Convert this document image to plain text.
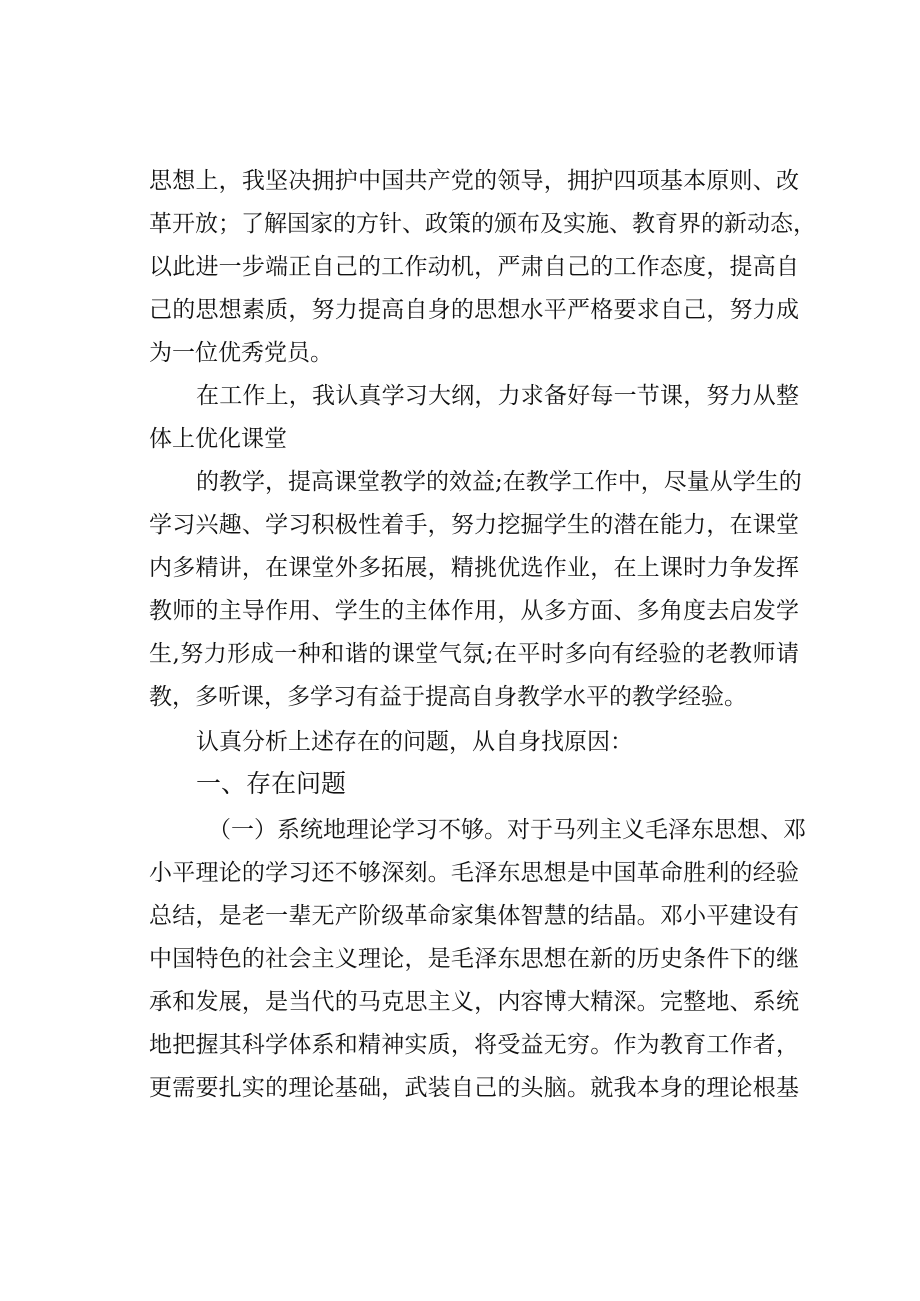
思想上，我坚决拥护中国共产党的领导，拥护四项基本原则、改
革开放；了解国家的方针、政策的颁布及实施、教育界的新动态，
以此进一步端正自己的工作动机，严肃自己的工作态度，提高自
己的思想素质，努力提高自身的思想水平严格要求自己，努力成
为一位优秀党员。
在工作上，我认真学习大纲，力求备好每一节课，努力从整
体上优化课堂
的教学，提高课堂教学的效益;在教学工作中，尽量从学生的
学习兴趣、学习积极性着手，努力挖掘学生的潜在能力，在课堂
内多精讲，在课堂外多拓展，精挑优选作业，在上课时力争发挥
教师的主导作用、学生的主体作用，从多方面、多角度去启发学
生,努力形成一种和谐的课堂气氛;在平时多向有经验的老教师请
教，多听课，多学习有益于提高自身教学水平的教学经验。
认真分析上述存在的问题，从自身找原因：
一、存在问题
（一）系统地理论学习不够。对于马列主义毛泽东思想、邓
小平理论的学习还不够深刻。毛泽东思想是中国革命胜利的经验
总结，是老一辈无产阶级革命家集体智慧的结晶。邓小平建设有
中国特色的社会主义理论，是毛泽东思想在新的历史条件下的继
承和发展，是当代的马克思主义，内容博大精深。完整地、系统
地把握其科学体系和精神实质，将受益无穷。作为教育工作者，
更需要扎实的理论基础，武装自己的头脑。就我本身的理论根基
